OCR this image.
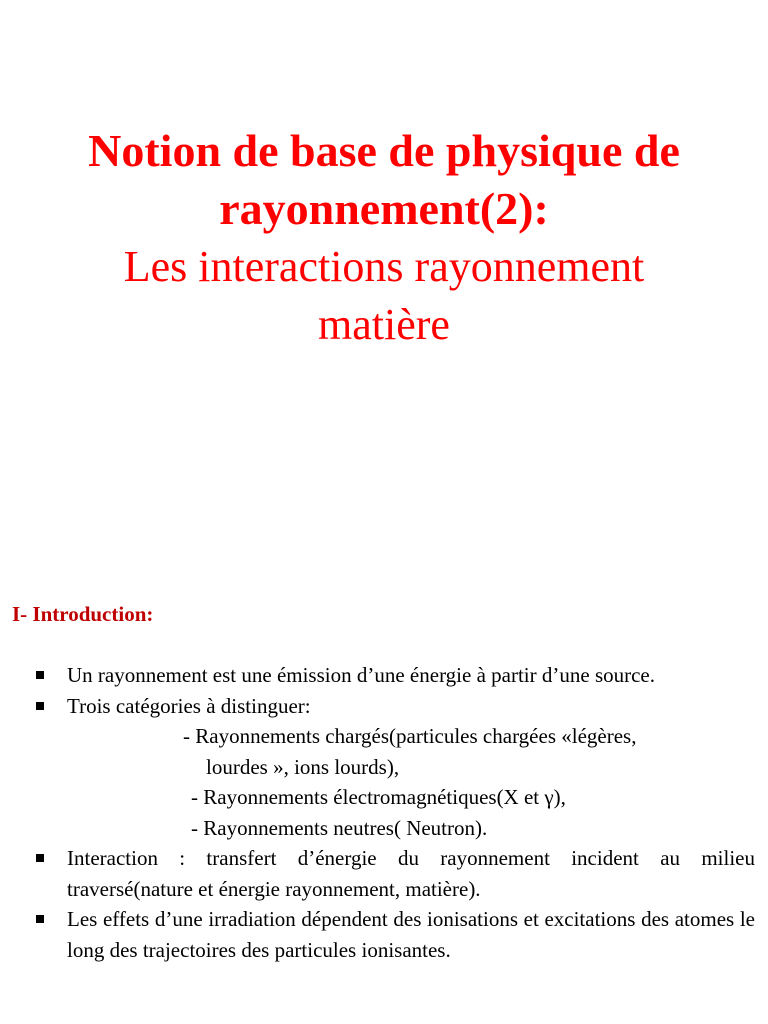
Notion de base de physique de
rayonnement(2):
Les interactions rayonnement
matière
I- Introduction:
Un rayonnement est une émission d’une énergie à partir d’une source.
Trois catégories à distinguer:
- Rayonnements chargés(particules chargées «légères,
lourdes », ions lourds),
- Rayonnements électromagnétiques(X et γ),
- Rayonnements neutres( Neutron).
Interaction : transfert d’énergie du rayonnement incident au milieu traversé(nature et énergie rayonnement, matière).
Les effets d’une irradiation dépendent des ionisations et excitations des atomes le long des trajectoires des particules ionisantes.
